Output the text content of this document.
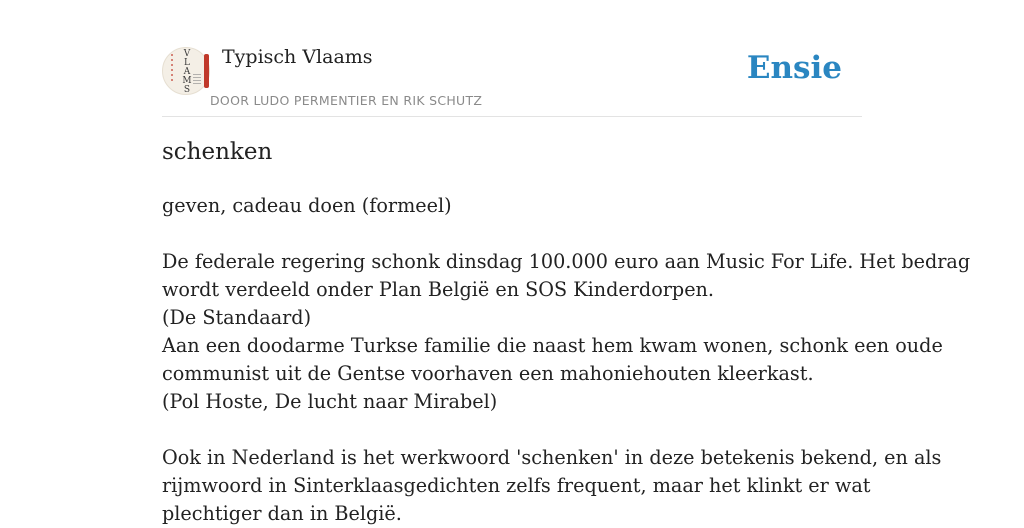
V
L
A
M
S
Typisch Vlaams
DOOR LUDO PERMENTIER EN RIK SCHUTZ
Ensie
schenken
geven, cadeau doen (formeel)
De federale regering schonk dinsdag 100.000 euro aan Music For Life. Het bedrag
wordt verdeeld onder Plan België en SOS Kinderdorpen.
(De Standaard)
Aan een doodarme Turkse familie die naast hem kwam wonen, schonk een oude
communist uit de Gentse voorhaven een mahoniehouten kleerkast.
(Pol Hoste, De lucht naar Mirabel)
Ook in Nederland is het werkwoord 'schenken' in deze betekenis bekend, en als
rijmwoord in Sinterklaasgedichten zelfs frequent, maar het klinkt er wat
plechtiger dan in België.
